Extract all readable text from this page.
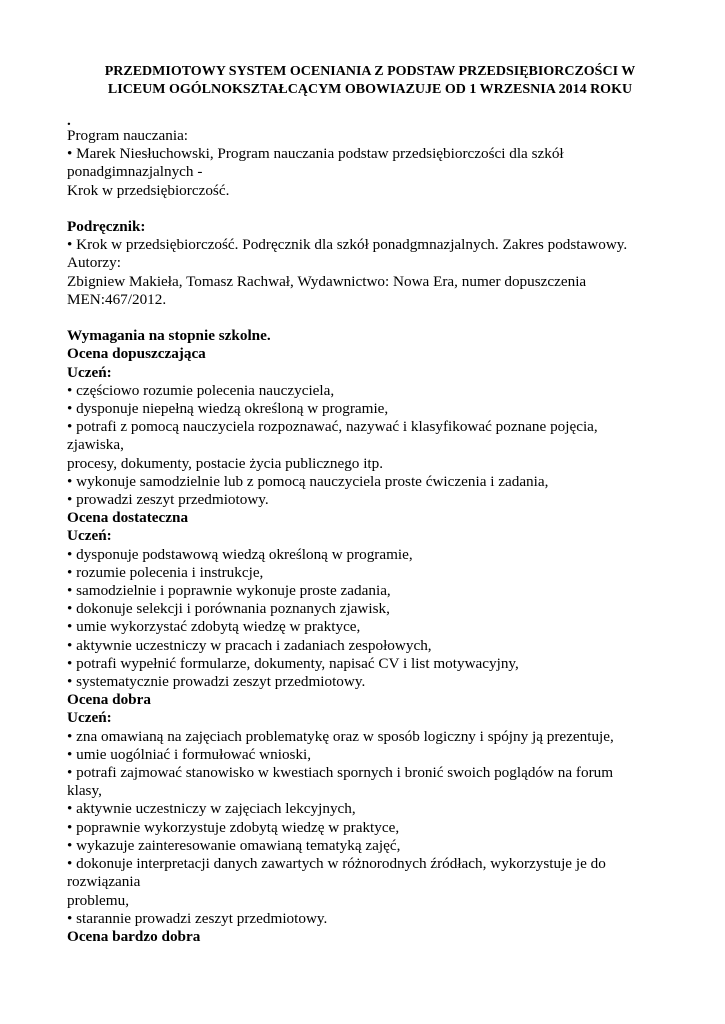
PRZEDMIOTOWY SYSTEM OCENIANIA Z PODSTAW PRZEDSIĘBIORCZOŚCI W
LICEUM OGÓLNOKSZTAŁCĄCYM OBOWIAZUJE OD 1 WRZESNIA 2014 ROKU
.
Program nauczania:
• Marek Niesłuchowski, Program nauczania podstaw przedsiębiorczości dla szkół
ponadgimnazjalnych -
Krok w przedsiębiorczość.
Podręcznik:
• Krok w przedsiębiorczość. Podręcznik dla szkół ponadgmnazjalnych. Zakres podstawowy.
Autorzy:
Zbigniew Makieła, Tomasz Rachwał, Wydawnictwo: Nowa Era, numer dopuszczenia
MEN:467/2012.
Wymagania na stopnie szkolne.
Ocena dopuszczająca
Uczeń:
• częściowo rozumie polecenia nauczyciela,
• dysponuje niepełną wiedzą określoną w programie,
• potrafi z pomocą nauczyciela rozpoznawać, nazywać i klasyfikować poznane pojęcia,
zjawiska,
procesy, dokumenty, postacie życia publicznego itp.
• wykonuje samodzielnie lub z pomocą nauczyciela proste ćwiczenia i zadania,
• prowadzi zeszyt przedmiotowy.
Ocena dostateczna
Uczeń:
• dysponuje podstawową wiedzą określoną w programie,
• rozumie polecenia i instrukcje,
• samodzielnie i poprawnie wykonuje proste zadania,
• dokonuje selekcji i porównania poznanych zjawisk,
• umie wykorzystać zdobytą wiedzę w praktyce,
• aktywnie uczestniczy w pracach i zadaniach zespołowych,
• potrafi wypełnić formularze, dokumenty, napisać CV i list motywacyjny,
• systematycznie prowadzi zeszyt przedmiotowy.
Ocena dobra
Uczeń:
• zna omawianą na zajęciach problematykę oraz w sposób logiczny i spójny ją prezentuje,
• umie uogólniać i formułować wnioski,
• potrafi zajmować stanowisko w kwestiach spornych i bronić swoich poglądów na forum
klasy,
• aktywnie uczestniczy w zajęciach lekcyjnych,
• poprawnie wykorzystuje zdobytą wiedzę w praktyce,
• wykazuje zainteresowanie omawianą tematyką zajęć,
• dokonuje interpretacji danych zawartych w różnorodnych źródłach, wykorzystuje je do
rozwiązania
problemu,
• starannie prowadzi zeszyt przedmiotowy.
Ocena bardzo dobra
